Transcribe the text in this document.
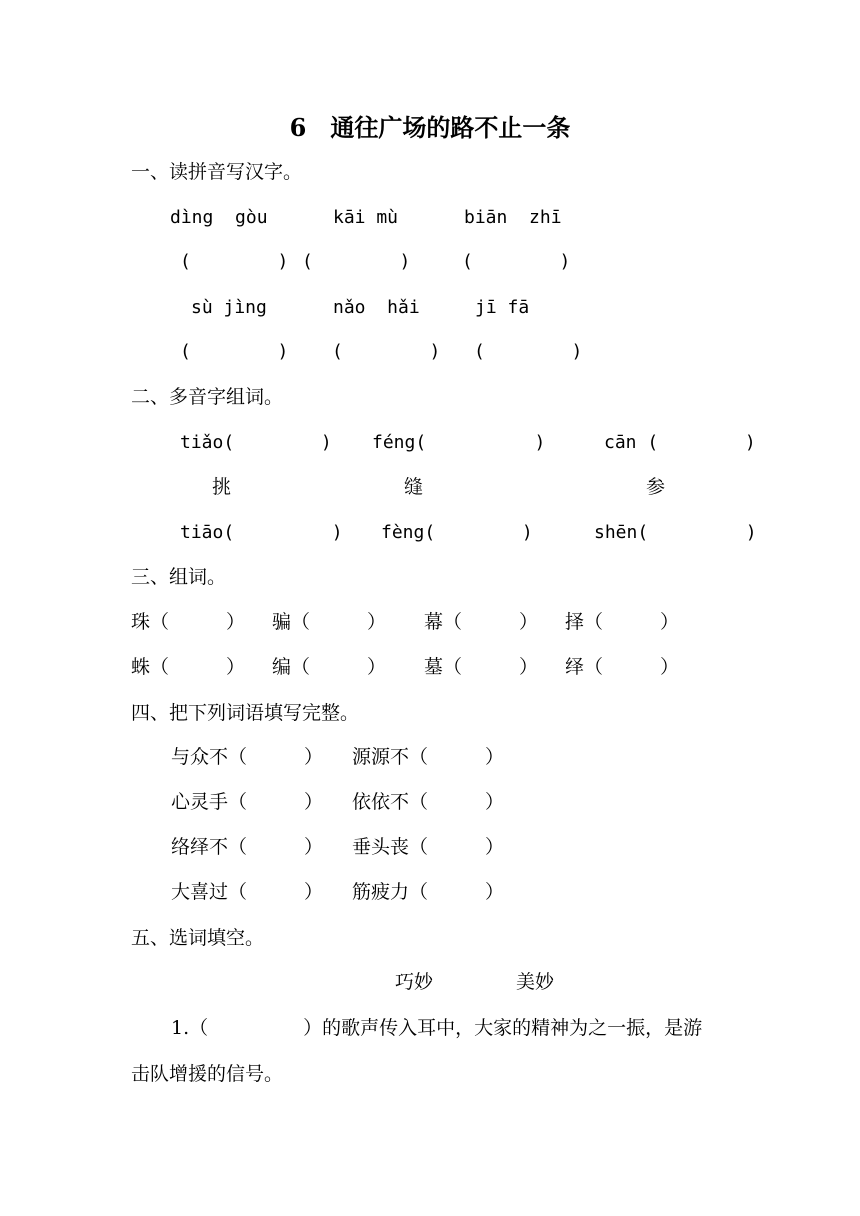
6　通往广场的路不止一条
一、读拼音写汉字。
dìng  gòu	kāi mù	biān  zhī
(        ) (        )	(        )
sù jìng	nǎo  hǎi	jī fā
(        ) (        ) (        )
二、多音字组词。
tiǎo(        ) féng(          )	cān (        )
挑	缝	参
tiāo(         ) fèng(        )	shēn(         )
三、组词。
珠（　　　） 骗（　　　） 幕（　　　） 择（　　　）
蛛（　　　） 编（　　　） 墓（　　　） 绎（　　　）
四、把下列词语填写完整。
与众不（　　　） 源源不（　　　）
心灵手（　　　） 依依不（　　　）
络绎不（　　　） 垂头丧（　　　）
大喜过（　　　） 筋疲力（　　　）
五、选词填空。
巧妙	美妙
1.（　　　　　）的歌声传入耳中，大家的精神为之一振，是游
击队增援的信号。
